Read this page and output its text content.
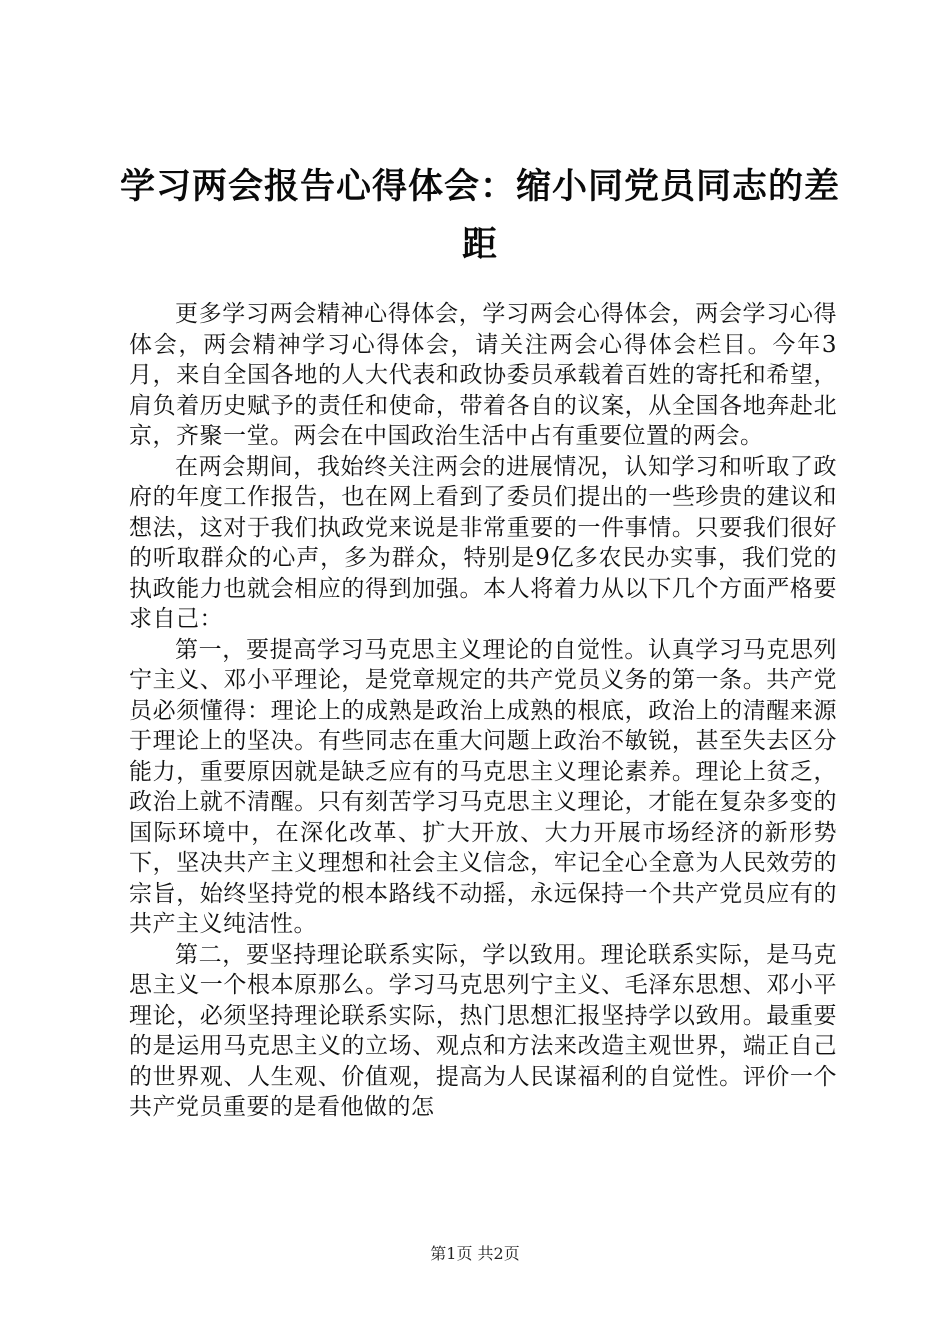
学习两会报告心得体会：缩小同党员同志的差距

更多学习两会精神心得体会，学习两会心得体会，两会学习心得体会，两会精神学习心得体会，请关注两会心得体会栏目。今年3月，来自全国各地的人大代表和政协委员承载着百姓的寄托和希望，肩负着历史赋予的责任和使命，带着各自的议案，从全国各地奔赴北京，齐聚一堂。两会在中国政治生活中占有重要位置的两会。

在两会期间，我始终关注两会的进展情况，认知学习和听取了政府的年度工作报告，也在网上看到了委员们提出的一些珍贵的建议和想法，这对于我们执政党来说是非常重要的一件事情。只要我们很好的听取群众的心声，多为群众，特别是9亿多农民办实事，我们党的执政能力也就会相应的得到加强。本人将着力从以下几个方面严格要求自己：

第一，要提高学习马克思主义理论的自觉性。认真学习马克思列宁主义、邓小平理论，是党章规定的共产党员义务的第一条。共产党员必须懂得：理论上的成熟是政治上成熟的根底，政治上的清醒来源于理论上的坚决。有些同志在重大问题上政治不敏锐，甚至失去区分能力，重要原因就是缺乏应有的马克思主义理论素养。理论上贫乏，政治上就不清醒。只有刻苦学习马克思主义理论，才能在复杂多变的国际环境中，在深化改革、扩大开放、大力开展市场经济的新形势下，坚决共产主义理想和社会主义信念，牢记全心全意为人民效劳的宗旨，始终坚持党的根本路线不动摇，永远保持一个共产党员应有的共产主义纯洁性。

第二，要坚持理论联系实际，学以致用。理论联系实际，是马克思主义一个根本原那么。学习马克思列宁主义、毛泽东思想、邓小平理论，必须坚持理论联系实际，热门思想汇报坚持学以致用。最重要的是运用马克思主义的立场、观点和方法来改造主观世界，端正自己的世界观、人生观、价值观，提高为人民谋福利的自觉性。评价一个共产党员重要的是看他做的怎

第1页 共2页
